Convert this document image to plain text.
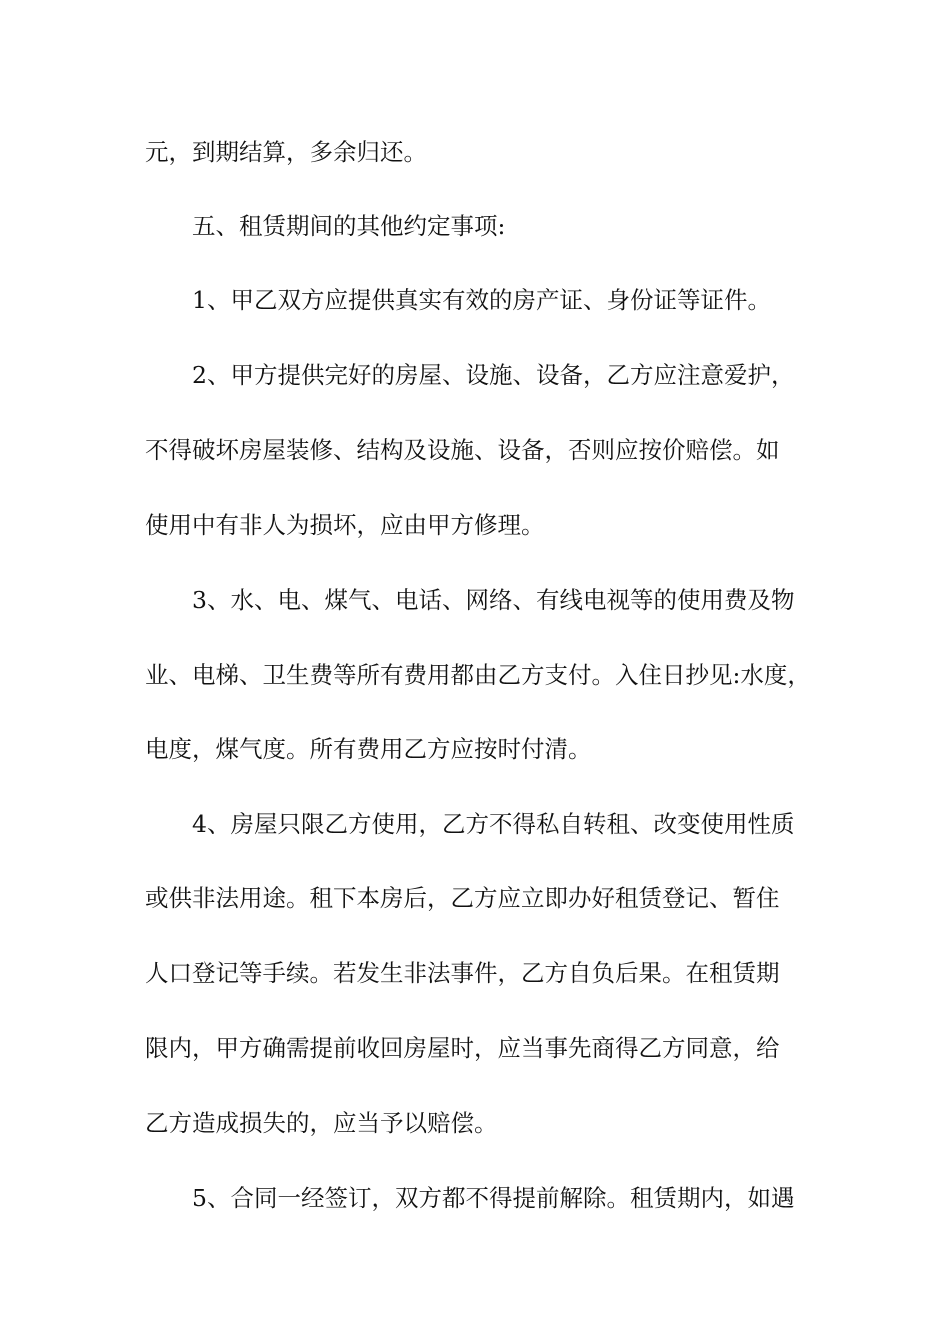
元，到期结算，多余归还。
五、租赁期间的其他约定事项:
1、甲乙双方应提供真实有效的房产证、身份证等证件。
2、甲方提供完好的房屋、设施、设备，乙方应注意爱护，
不得破坏房屋装修、结构及设施、设备，否则应按价赔偿。如
使用中有非人为损坏，应由甲方修理。
3、水、电、煤气、电话、网络、有线电视等的使用费及物
业、电梯、卫生费等所有费用都由乙方支付。入住日抄见:水度，
电度，煤气度。所有费用乙方应按时付清。
4、房屋只限乙方使用，乙方不得私自转租、改变使用性质
或供非法用途。租下本房后，乙方应立即办好租赁登记、暂住
人口登记等手续。若发生非法事件，乙方自负后果。在租赁期
限内，甲方确需提前收回房屋时，应当事先商得乙方同意，给
乙方造成损失的，应当予以赔偿。
5、合同一经签订，双方都不得提前解除。租赁期内，如遇
